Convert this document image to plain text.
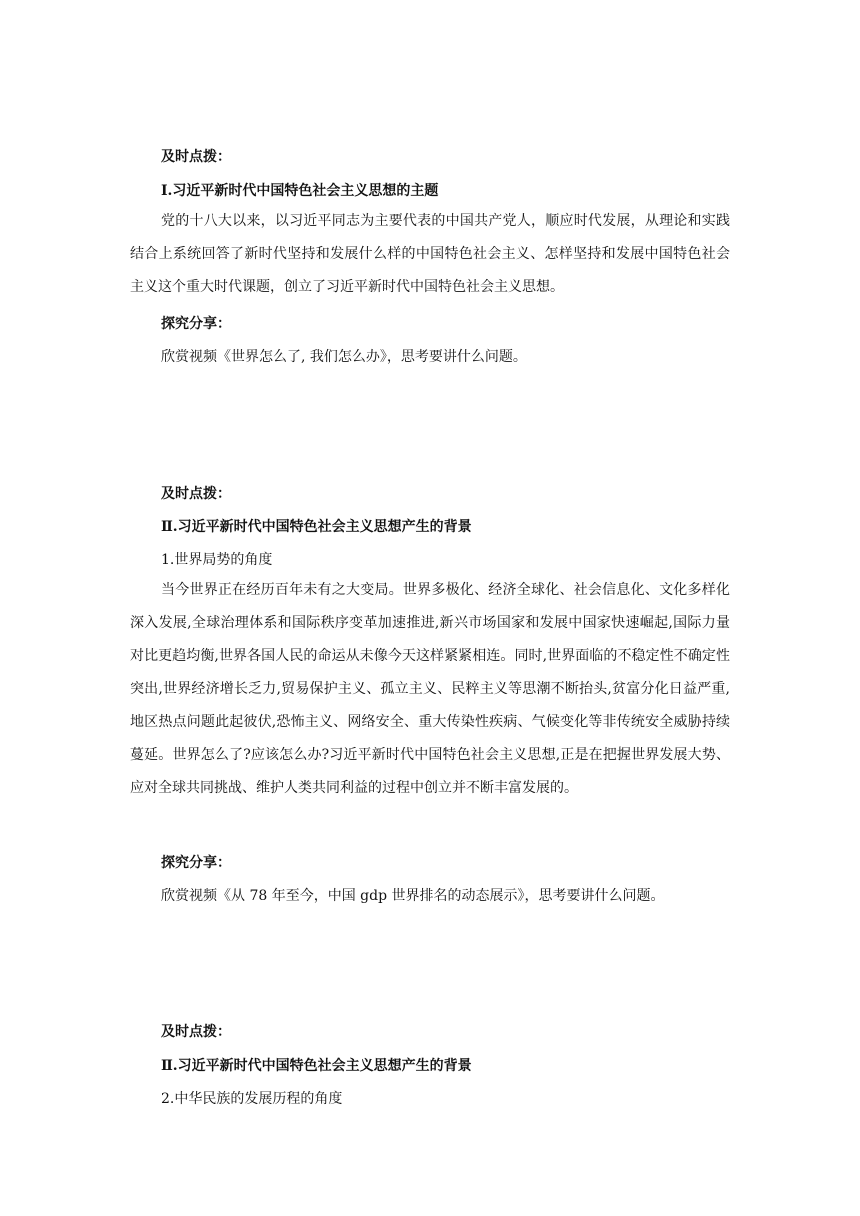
及时点拨：
Ⅰ.习近平新时代中国特色社会主义思想的主题
党的十八大以来，以习近平同志为主要代表的中国共产党人，顺应时代发展，从理论和实践结合上系统回答了新时代坚持和发展什么样的中国特色社会主义、怎样坚持和发展中国特色社会主义这个重大时代课题，创立了习近平新时代中国特色社会主义思想。
探究分享：
欣赏视频《世界怎么了, 我们怎么办》，思考要讲什么问题。
及时点拨：
Ⅱ.习近平新时代中国特色社会主义思想产生的背景
1.世界局势的角度
当今世界正在经历百年未有之大变局。世界多极化、经济全球化、社会信息化、文化多样化深入发展,全球治理体系和国际秩序变革加速推进,新兴市场国家和发展中国家快速崛起,国际力量对比更趋均衡,世界各国人民的命运从未像今天这样紧紧相连。同时,世界面临的不稳定性不确定性突出,世界经济增长乏力,贸易保护主义、孤立主义、民粹主义等思潮不断抬头,贫富分化日益严重,地区热点问题此起彼伏,恐怖主义、网络安全、重大传染性疾病、气候变化等非传统安全威胁持续蔓延。世界怎么了?应该怎么办?习近平新时代中国特色社会主义思想,正是在把握世界发展大势、应对全球共同挑战、维护人类共同利益的过程中创立并不断丰富发展的。
探究分享：
欣赏视频《从 78 年至今，中国 gdp 世界排名的动态展示》，思考要讲什么问题。
及时点拨：
Ⅱ.习近平新时代中国特色社会主义思想产生的背景
2.中华民族的发展历程的角度
